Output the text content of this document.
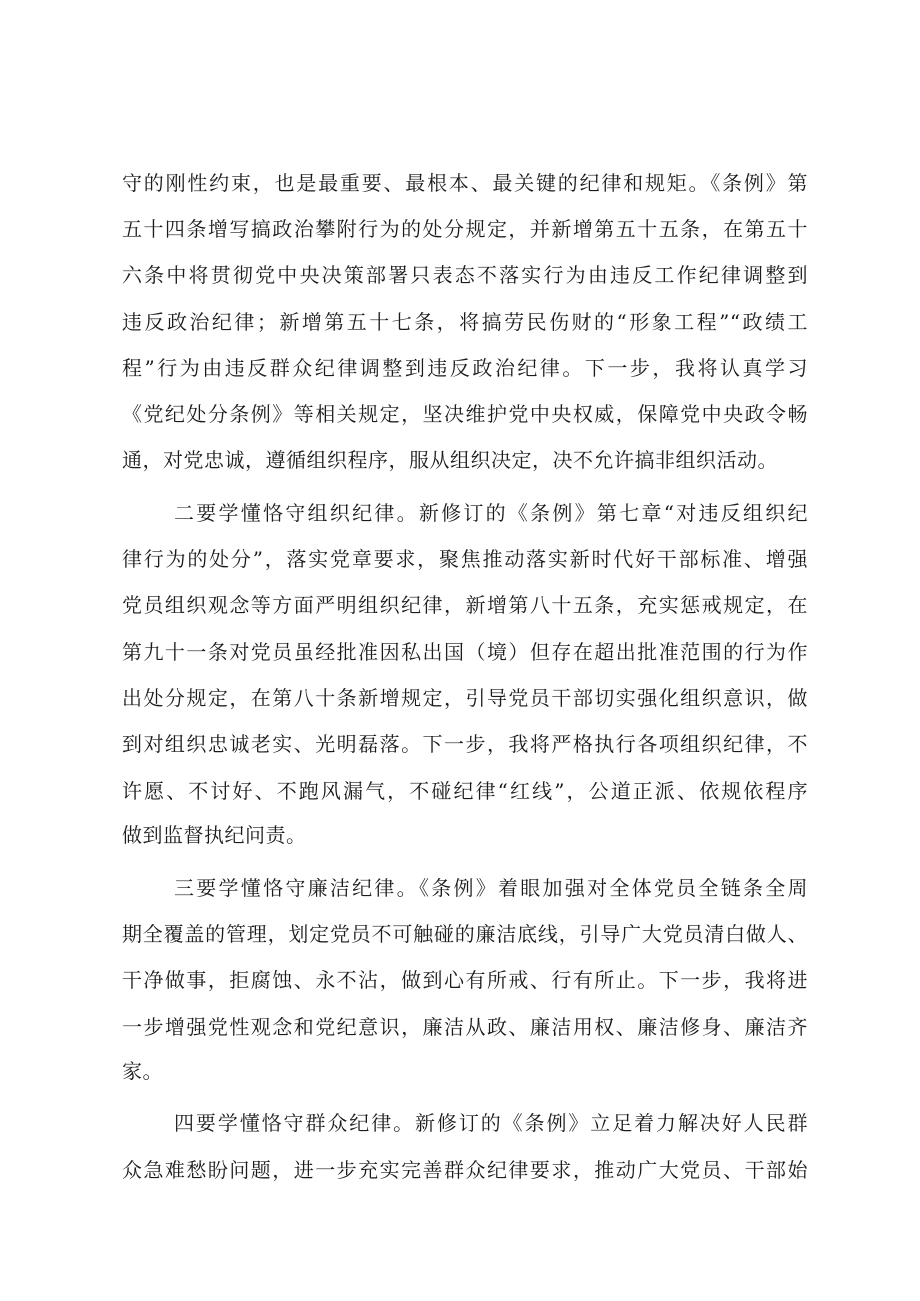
守的刚性约束，也是最重要、最根本、最关键的纪律和规矩。《条例》第
五十四条增写搞政治攀附行为的处分规定，并新增第五十五条，在第五十
六条中将贯彻党中央决策部署只表态不落实行为由违反工作纪律调整到
违反政治纪律；新增第五十七条，将搞劳民伤财的“形象工程”“政绩工
程”行为由违反群众纪律调整到违反政治纪律。下一步，我将认真学习
《党纪处分条例》等相关规定，坚决维护党中央权威，保障党中央政令畅
通，对党忠诚，遵循组织程序，服从组织决定，决不允许搞非组织活动。
二要学懂恪守组织纪律。新修订的《条例》第七章“对违反组织纪
律行为的处分”，落实党章要求，聚焦推动落实新时代好干部标准、增强
党员组织观念等方面严明组织纪律，新增第八十五条，充实惩戒规定，在
第九十一条对党员虽经批准因私出国（境）但存在超出批准范围的行为作
出处分规定，在第八十条新增规定，引导党员干部切实强化组织意识，做
到对组织忠诚老实、光明磊落。下一步，我将严格执行各项组织纪律，不
许愿、不讨好、不跑风漏气，不碰纪律“红线”，公道正派、依规依程序
做到监督执纪问责。
三要学懂恪守廉洁纪律。《条例》着眼加强对全体党员全链条全周
期全覆盖的管理，划定党员不可触碰的廉洁底线，引导广大党员清白做人、
干净做事，拒腐蚀、永不沾，做到心有所戒、行有所止。下一步，我将进
一步增强党性观念和党纪意识，廉洁从政、廉洁用权、廉洁修身、廉洁齐
家。
四要学懂恪守群众纪律。新修订的《条例》立足着力解决好人民群
众急难愁盼问题，进一步充实完善群众纪律要求，推动广大党员、干部始
